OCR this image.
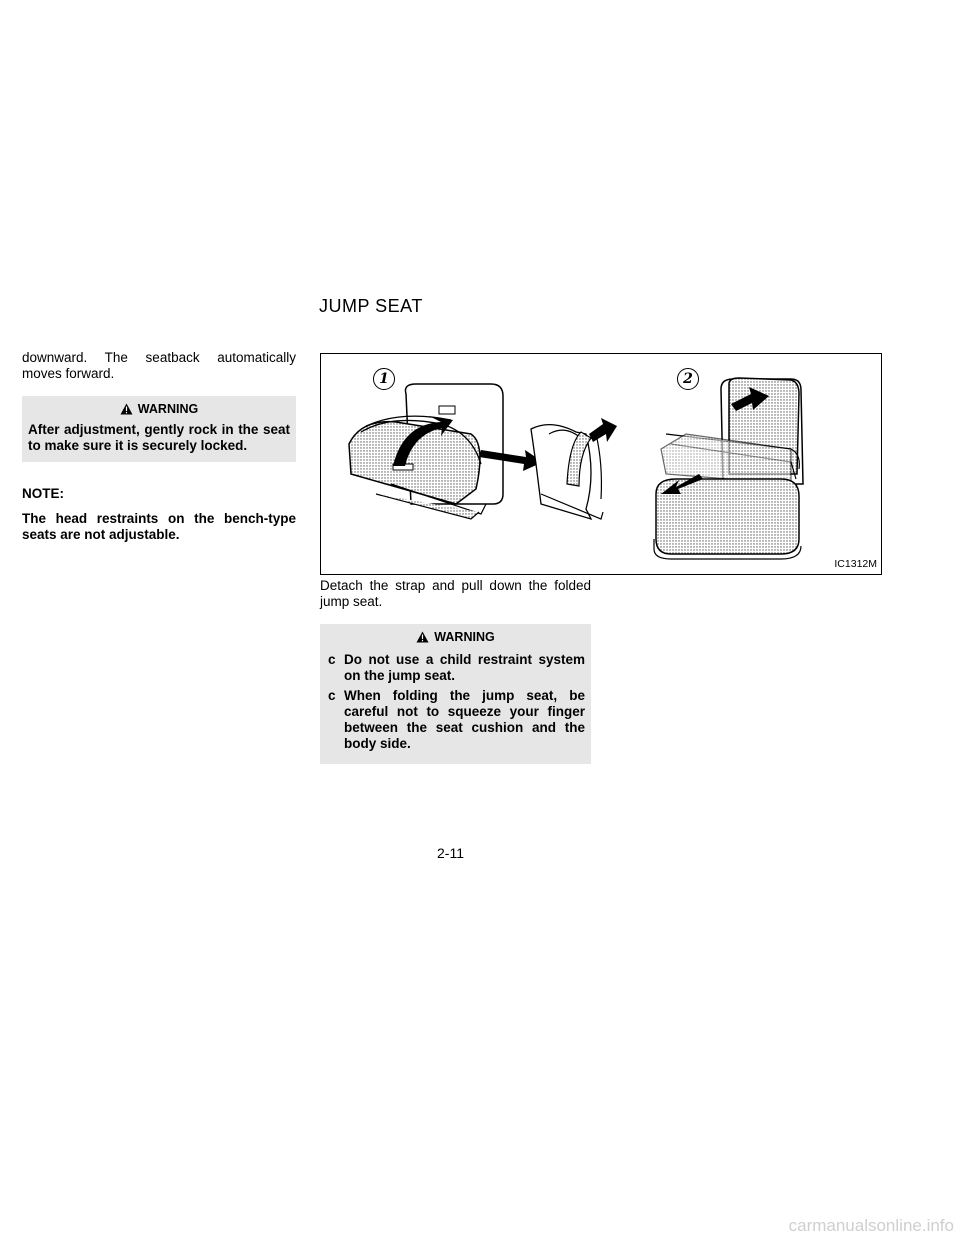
JUMP SEAT

downward. The seatback automatically moves forward.

WARNING
After adjustment, gently rock in the seat to make sure it is securely locked.
NOTE:
The head restraints on the bench-type seats are not adjustable.
1	2
IC1312M

Detach the strap and pull down the folded jump seat.

WARNING
c Do not use a child restraint system on the jump seat.
c When folding the jump seat, be careful not to squeeze your finger between the seat cushion and the body side.
2-11
carmanualsonline.info
